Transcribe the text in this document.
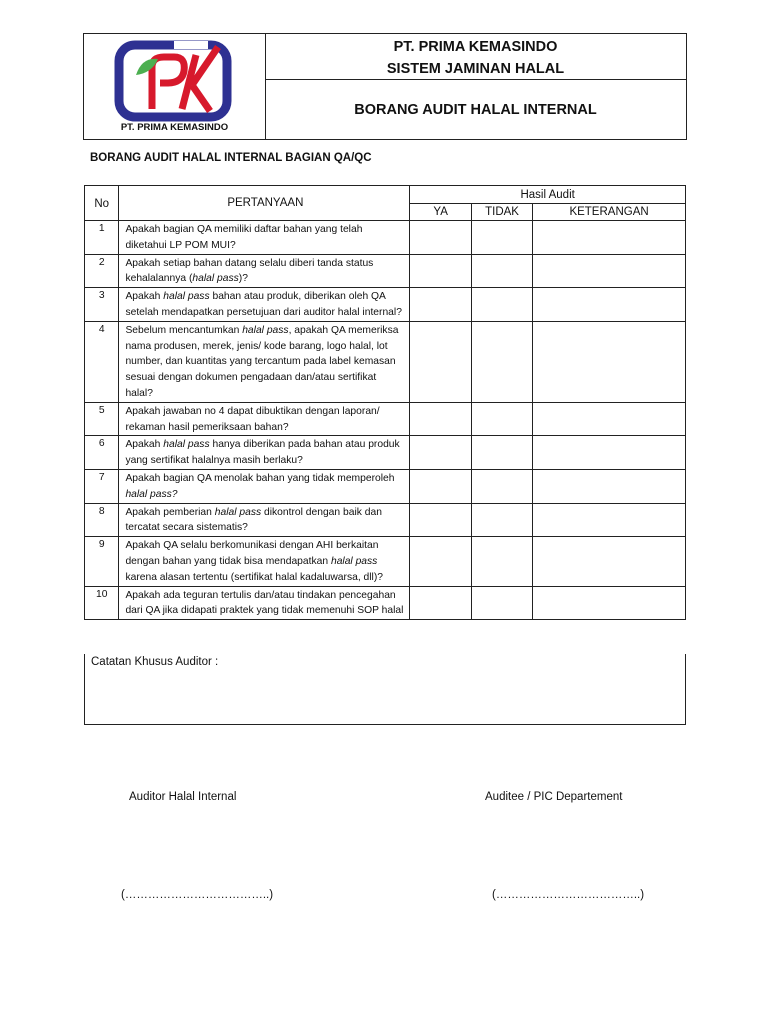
PT. PRIMA KEMASINDO
PT. PRIMA KEMASINDO
SISTEM JAMINAN HALAL
BORANG AUDIT HALAL INTERNAL
BORANG AUDIT HALAL INTERNAL BAGIAN QA/QC
No	PERTANYAAN	Hasil Audit		
		YA	TIDAK	KETERANGAN
1	Apakah bagian QA memiliki daftar bahan yang telah diketahui LP POM MUI?			
2	Apakah setiap bahan datang selalu diberi tanda status kehalalannya (halal pass)?			
3	Apakah halal pass bahan atau produk, diberikan oleh QA setelah mendapatkan persetujuan dari auditor halal internal?			
4	Sebelum mencantumkan halal pass, apakah QA memeriksa nama produsen, merek, jenis/ kode barang, logo halal, lot number, dan kuantitas yang tercantum pada label kemasan sesuai dengan dokumen pengadaan dan/atau sertifikat halal?			
5	Apakah jawaban no 4 dapat dibuktikan dengan laporan/ rekaman hasil pemeriksaan bahan?			
6	Apakah halal pass hanya diberikan pada bahan atau produk yang sertifikat halalnya masih berlaku?			
7	Apakah bagian QA menolak bahan yang tidak memperoleh halal pass?			
8	Apakah pemberian halal pass dikontrol dengan baik dan tercatat secara sistematis?			
9	Apakah QA selalu berkomunikasi dengan AHI berkaitan dengan bahan yang tidak bisa mendapatkan halal pass  karena alasan tertentu (sertifikat halal kadaluwarsa, dll)?			
10	Apakah ada teguran tertulis dan/atau tindakan pencegahan dari QA jika didapati praktek yang tidak memenuhi SOP halal			
Catatan Khusus Auditor :
Auditor Halal Internal	Auditee / PIC Departement
(………………………………..)	(………………………………..)
